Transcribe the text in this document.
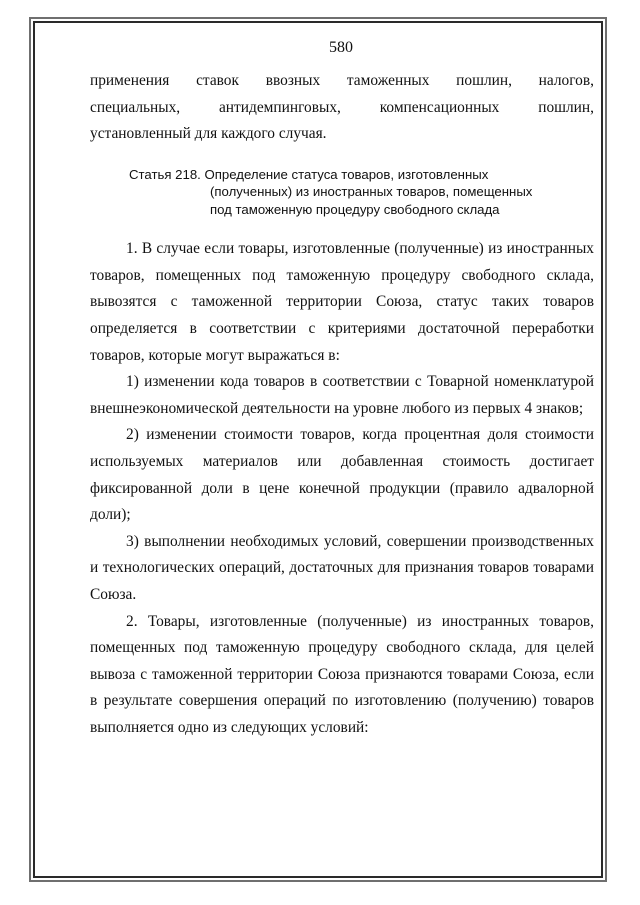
580

применения ставок ввозных таможенных пошлин, налогов,

специальных, антидемпинговых, компенсационных пошлин,

установленный для каждого случая.

Статья 218. Определение статуса товаров, изготовленных
(полученных) из иностранных товаров, помещенных
под таможенную процедуру свободного склада

1. В случае если товары, изготовленные (полученные) из иностранных товаров, помещенных под таможенную процедуру свободного склада, вывозятся с таможенной территории Союза, статус таких товаров определяется в соответствии с критериями достаточной переработки товаров, которые могут выражаться в:

1) изменении кода товаров в соответствии с Товарной номенклатурой внешнеэкономической деятельности на уровне любого из первых 4 знаков;

2) изменении стоимости товаров, когда процентная доля стоимости используемых материалов или добавленная стоимость достигает фиксированной доли в цене конечной продукции (правило адвалорной доли);

3) выполнении необходимых условий, совершении производственных и технологических операций, достаточных для признания товаров товарами Союза.

2. Товары, изготовленные (полученные) из иностранных товаров, помещенных под таможенную процедуру свободного склада, для целей вывоза с таможенной территории Союза признаются товарами Союза, если в результате совершения операций по изготовлению (получению) товаров выполняется одно из следующих условий:
